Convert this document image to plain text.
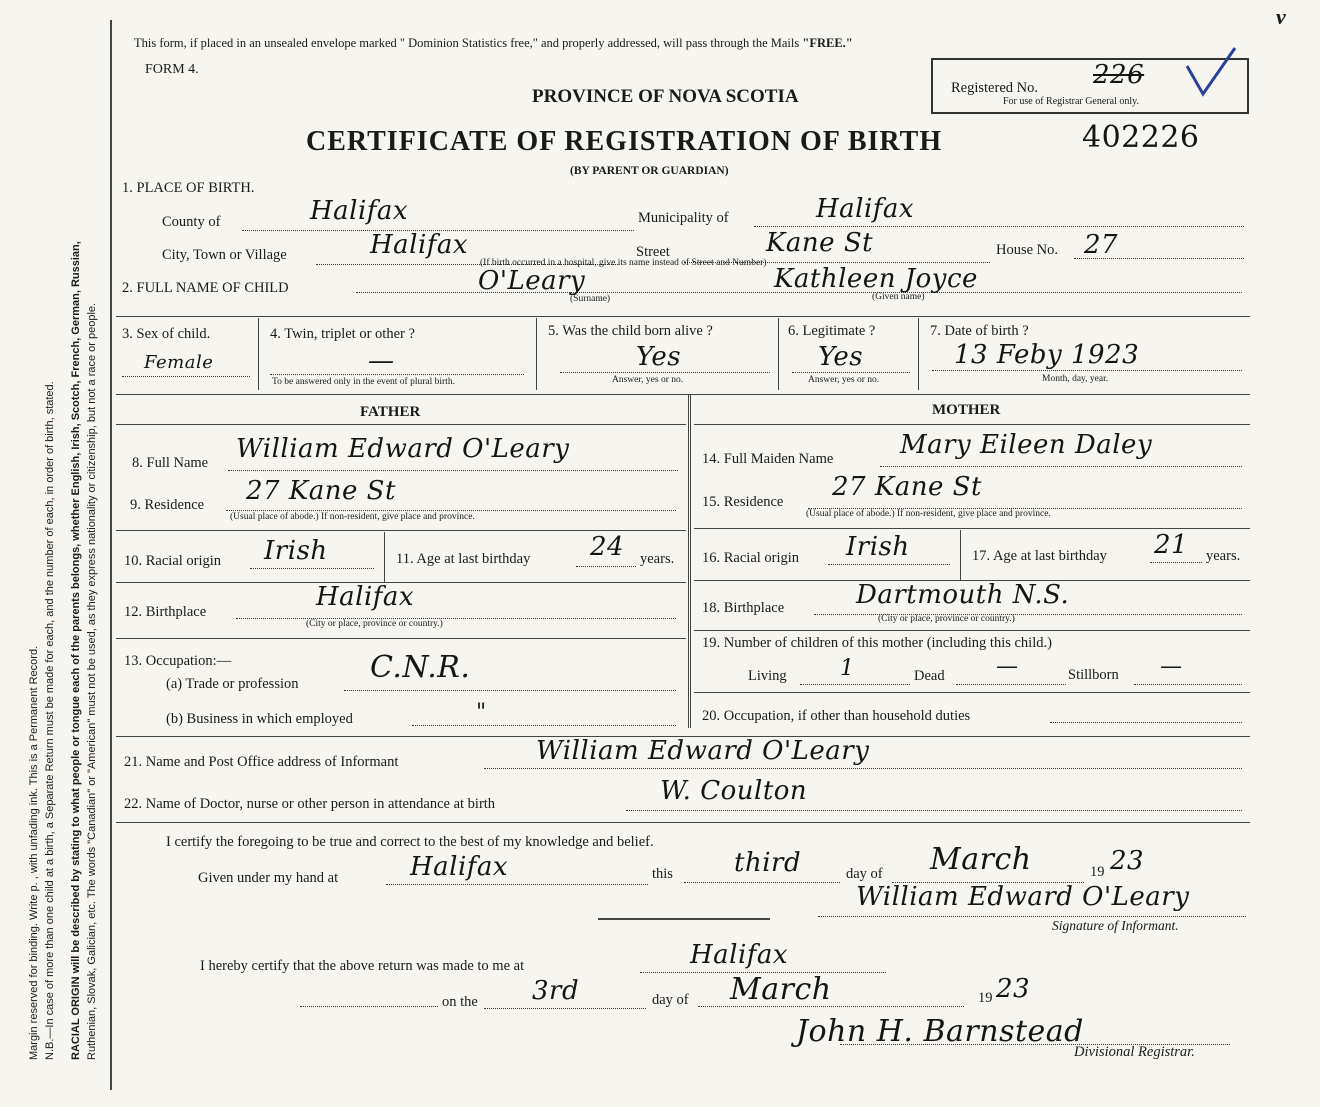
Margin reserved for binding. Write p. , with unfading ink. This is a Permanent Record. N.B.—In case of more than one child at a birth, a Separate Return must be made for each, and the number of each, in order of birth, stated. RACIAL ORIGIN will be described by stating to what people or tongue each of the parents belongs, whether English, Irish, Scotch, French, German, Russian, Ruthenian, Slovak, Galician, etc. The words "Canadian" or "American" must not be used, as they express nationality or citizenship, but not a race or people.
This form, if placed in an unsealed envelope marked " Dominion Statistics free," and properly addressed, will pass through the Mails "FREE."
FORM 4.
v
Registered No. 226
For use of Registrar General only.
PROVINCE OF NOVA SCOTIA
CERTIFICATE OF REGISTRATION OF BIRTH	402226
(BY PARENT OR GUARDIAN)
1. PLACE OF BIRTH.
County of	Halifax	Municipality of	Halifax
City, Town or Village	Halifax	Street	Kane St	House No. 27
(If birth occurred in a hospital, give its name instead of Street and Number)
2. FULL NAME OF CHILD	O'Leary
(Surname)
Kathleen Joyce
(Given name)
3. Sex of child.
Female
4. Twin, triplet or other ?
—
To be answered only in the event of plural birth.
5. Was the child born alive ?
Yes
Answer, yes or no.
6. Legitimate ?
Yes
Answer, yes or no.
7. Date of birth ?
13 Feby 1923
Month, day, year.
FATHER
8. Full Name William Edward O'Leary
9. Residence 27 Kane St
(Usual place of abode.) If non-resident, give place and province.
10. Racial origin Irish	11. Age at last birthday 24 years.
12. Birthplace	Halifax
(City or place, province or country.)
13. Occupation:—
(a) Trade or profession C.N.R.
(b) Business in which employed	"
MOTHER
14. Full Maiden Name	Mary Eileen Daley
15. Residence 27 Kane St
(Usual place of abode.) If non-resident, give place and province.
16. Racial origin Irish	17. Age at last birthday 21 years.
18. Birthplace	Dartmouth N.S.
(City or place, province or country.)
19. Number of children of this mother (including this child.)
Living 1	Dead —	Stillborn —
20. Occupation, if other than household duties
21. Name and Post Office address of Informant	William Edward O'Leary
22. Name of Doctor, nurse or other person in attendance at birth	W. Coulton
I certify the foregoing to be true and correct to the best of my knowledge and belief.
Given under my hand at	Halifax	this third	day of March	19 23
William Edward O'Leary
Signature of Informant.
I hereby certify that the above return was made to me at	Halifax
on the 3rd	day of March	19 23
John H. Barnstead
Divisional Registrar.
